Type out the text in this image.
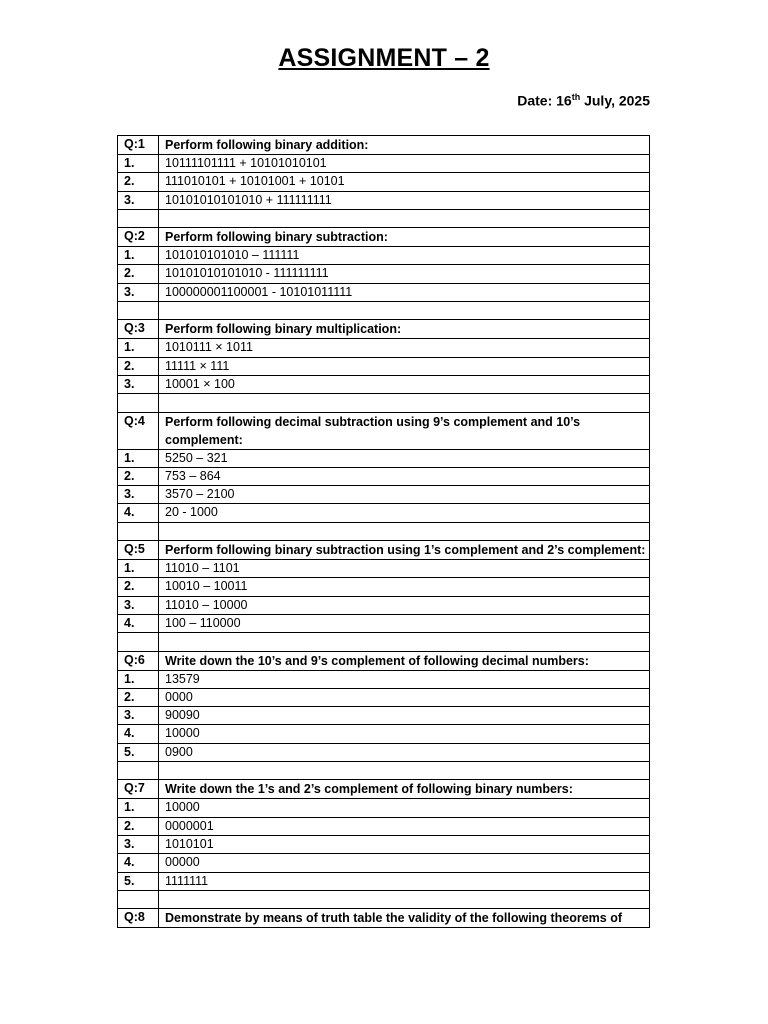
ASSIGNMENT – 2
Date: 16th July, 2025
Q:1	Perform following binary addition:
1.	10111101111 + 10101010101
2.	111010101 + 10101001 + 10101
3.	10101010101010 + 111111111

Q:2	Perform following binary subtraction:
1.	101010101010 – 111111
2.	10101010101010 - 111111111
3.	100000001100001 - 10101011111

Q:3	Perform following binary multiplication:
1.	1010111 × 1011
2.	11111 × 111
3.	10001 × 100

Q:4	Perform following decimal subtraction using 9’s complement and 10’s complement:
1.	5250 – 321
2.	753 – 864
3.	3570 – 2100
4.	20 - 1000

Q:5	Perform following binary subtraction using 1’s complement and 2’s complement:
1.	11010 – 1101
2.	10010 – 10011
3.	11010 – 10000
4.	100 – 110000

Q:6	Write down the 10’s and 9’s complement of following decimal numbers:
1.	13579
2.	0000
3.	90090
4.	10000
5.	0900

Q:7	Write down the 1’s and 2’s complement of following binary numbers:
1.	10000
2.	0000001
3.	1010101
4.	00000
5.	1111111

Q:8	Demonstrate by means of truth table the validity of the following theorems of
